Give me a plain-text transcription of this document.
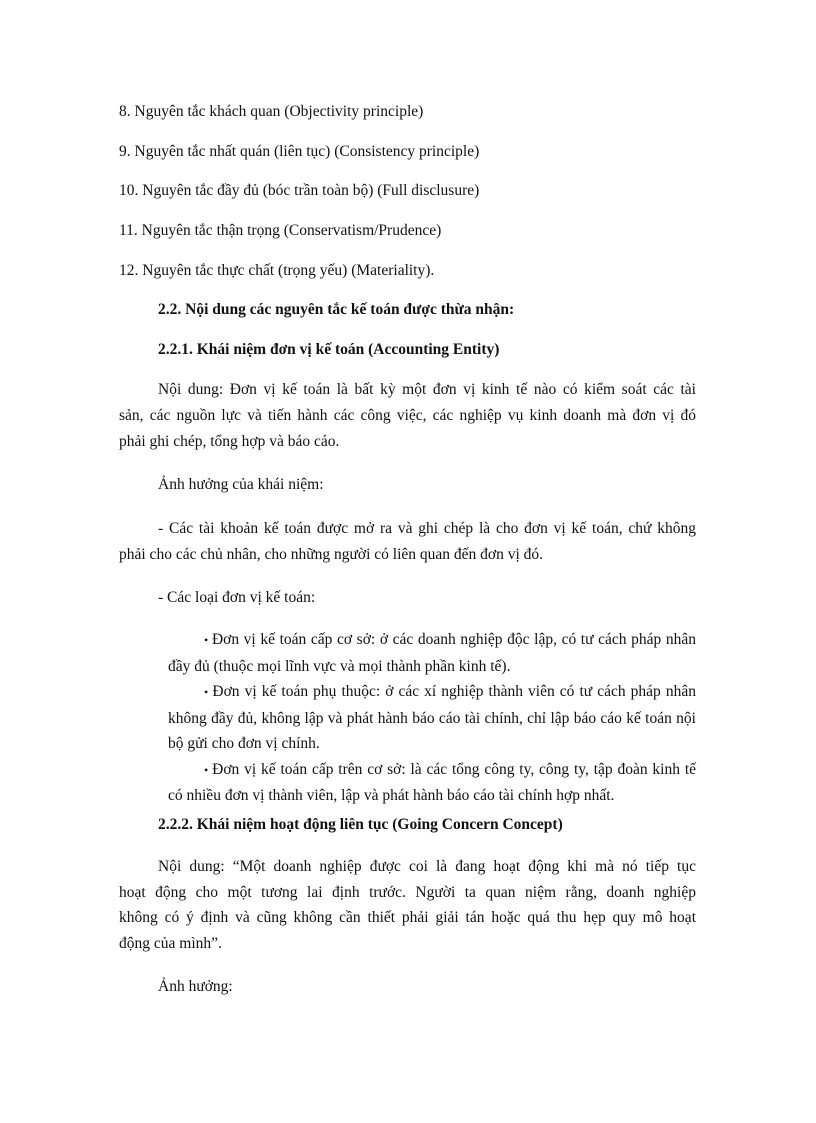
8. Nguyên tắc khách quan (Objectivity principle)
9. Nguyên tắc nhất quán (liên tục) (Consistency principle)
10. Nguyên tắc đầy đủ (bóc trần toàn bộ) (Full disclusure)
11. Nguyên tắc thận trọng (Conservatism/Prudence)
12. Nguyên tắc thực chất (trọng yếu) (Materiality).
2.2. Nội dung các nguyên tắc kế toán được thừa nhận:
2.2.1. Khái niệm đơn vị kế toán (Accounting Entity)
Nội dung: Đơn vị kế toán là bất kỳ một đơn vị kinh tế nào có kiểm soát các tài
sản, các nguồn lực và tiến hành các công việc, các nghiệp vụ kinh doanh mà đơn vị đó
phải ghi chép, tổng hợp và báo cáo.
Ảnh hưởng của khái niệm:
- Các tài khoản kế toán được mở ra và ghi chép là cho đơn vị kế toán, chứ không
phải cho các chủ nhân, cho những người có liên quan đến đơn vị đó.
- Các loại đơn vị kế toán:

• Đơn vị kế toán cấp cơ sở: ở các doanh nghiệp độc lập, có tư cách pháp nhân đầy đủ (thuộc mọi lĩnh vực và mọi thành phần kinh tế).

• Đơn vị kế toán phụ thuộc: ở các xí nghiệp thành viên có tư cách pháp nhân không đầy đủ, không lập và phát hành báo cáo tài chính, chỉ lập báo cáo kế toán nội bộ gửi cho đơn vị chính.

• Đơn vị kế toán cấp trên cơ sở: là các tổng công ty, công ty, tập đoàn kinh tế có nhiều đơn vị thành viên, lập và phát hành báo cáo tài chính hợp nhất.

2.2.2. Khái niệm hoạt động liên tục (Going Concern Concept)
Nội dung: “Một doanh nghiệp được coi là đang hoạt động khi mà nó tiếp tục
hoạt động cho một tương lai định trước. Người ta quan niệm rằng, doanh nghiệp
không có ý định và cũng không cần thiết phải giải tán hoặc quá thu hẹp quy mô hoạt
động của mình”.
Ảnh hưởng:
